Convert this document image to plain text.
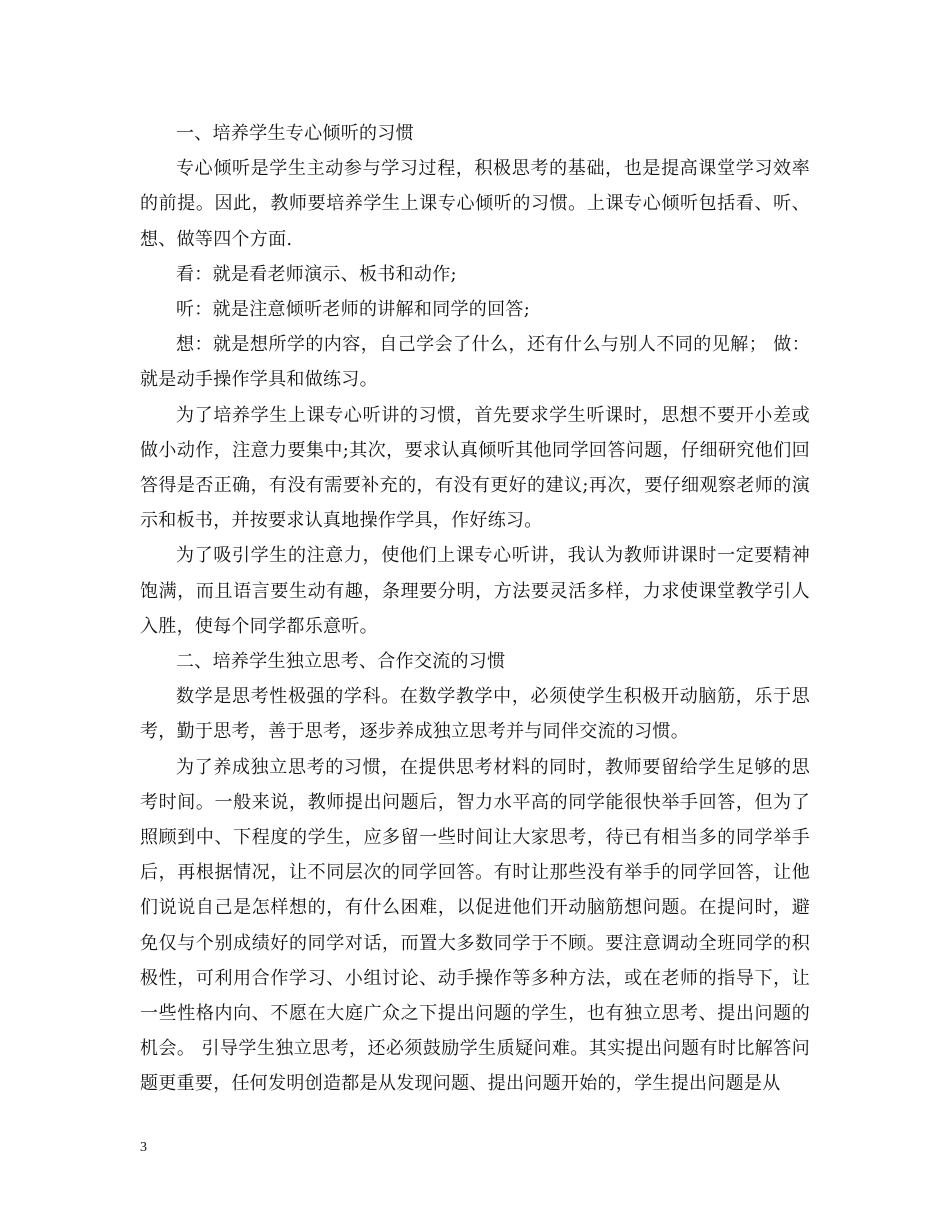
一、培养学生专心倾听的习惯

专心倾听是学生主动参与学习过程，积极思考的基础，也是提高课堂学习效率的前提。因此，教师要培养学生上课专心倾听的习惯。上课专心倾听包括看、听、想、做等四个方面.

看：就是看老师演示、板书和动作;

听：就是注意倾听老师的讲解和同学的回答;

想：就是想所学的内容，自己学会了什么，还有什么与别人不同的见解； 做：就是动手操作学具和做练习。

为了培养学生上课专心听讲的习惯，首先要求学生听课时，思想不要开小差或做小动作，注意力要集中;其次，要求认真倾听其他同学回答问题，仔细研究他们回答得是否正确，有没有需要补充的，有没有更好的建议;再次，要仔细观察老师的演示和板书，并按要求认真地操作学具，作好练习。

为了吸引学生的注意力，使他们上课专心听讲，我认为教师讲课时一定要精神饱满，而且语言要生动有趣，条理要分明，方法要灵活多样，力求使课堂教学引人入胜，使每个同学都乐意听。

二、培养学生独立思考、合作交流的习惯

数学是思考性极强的学科。在数学教学中，必须使学生积极开动脑筋，乐于思考，勤于思考，善于思考，逐步养成独立思考并与同伴交流的习惯。

为了养成独立思考的习惯，在提供思考材料的同时，教师要留给学生足够的思考时间。一般来说，教师提出问题后，智力水平高的同学能很快举手回答，但为了照顾到中、下程度的学生，应多留一些时间让大家思考，待已有相当多的同学举手后，再根据情况，让不同层次的同学回答。有时让那些没有举手的同学回答，让他们说说自己是怎样想的，有什么困难，以促进他们开动脑筋想问题。在提问时，避免仅与个别成绩好的同学对话，而置大多数同学于不顾。要注意调动全班同学的积极性，可利用合作学习、小组讨论、动手操作等多种方法，或在老师的指导下，让一些性格内向、不愿在大庭广众之下提出问题的学生，也有独立思考、提出问题的机会。 引导学生独立思考，还必须鼓励学生质疑问难。其实提出问题有时比解答问题更重要，任何发明创造都是从发现问题、提出问题开始的，学生提出问题是从

3
